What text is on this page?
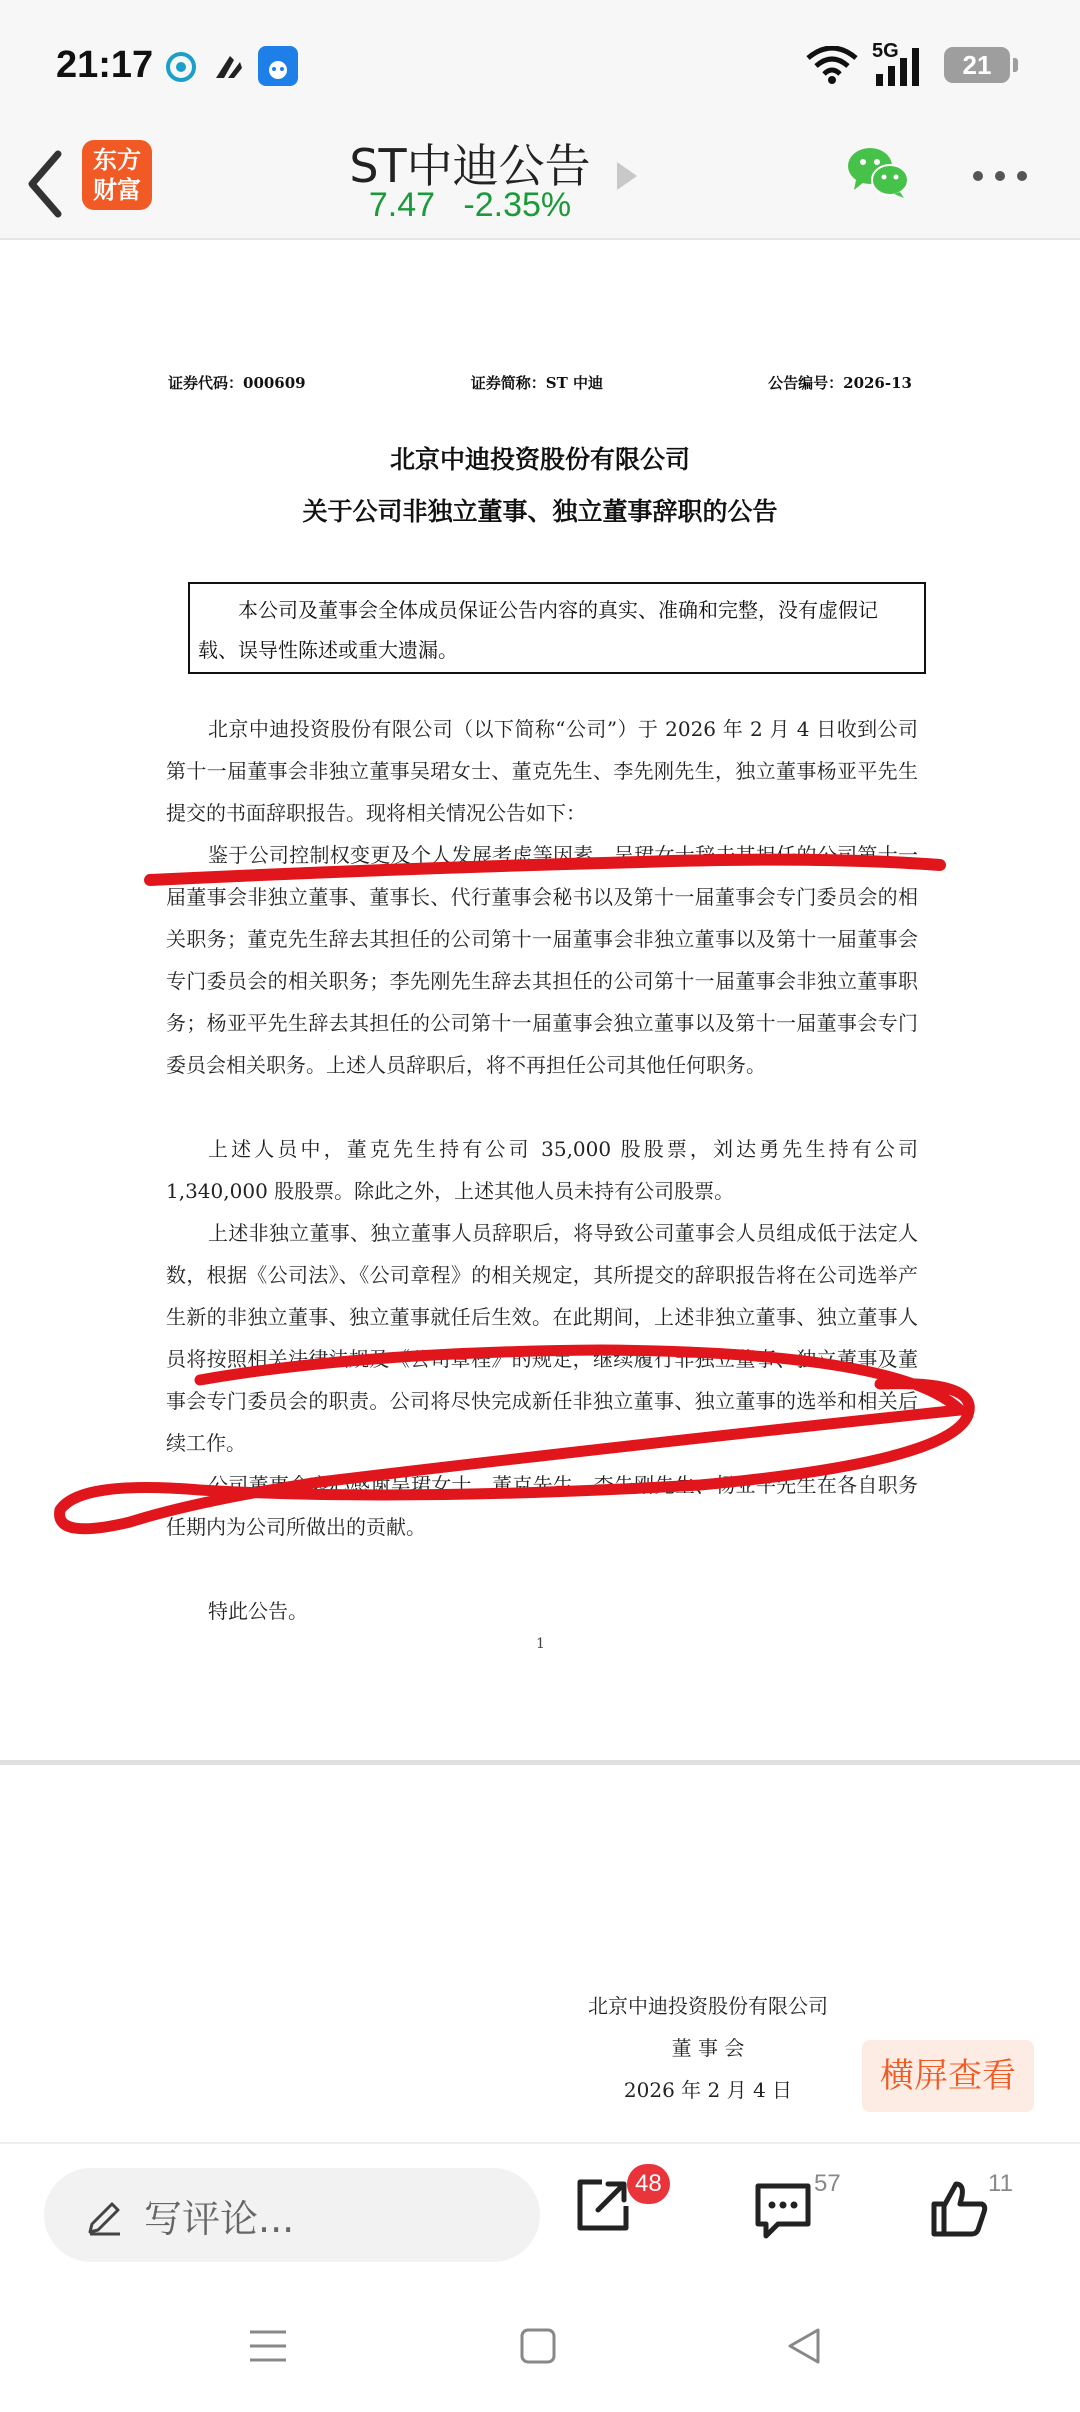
21:17	5G	21
东方
财富	ST中迪公告
7.47 -2.35%
证券代码：000609	证券简称：ST 中迪	公告编号：2026-13
北京中迪投资股份有限公司
关于公司非独立董事、独立董事辞职的公告
本公司及董事会全体成员保证公告内容的真实、准确和完整，没有虚假记载、误导性陈述或重大遗漏。
北京中迪投资股份有限公司（以下简称“公司”）于 2026 年 2 月 4 日收到公司第十一届董事会非独立董事吴珺女士、董克先生、李先刚先生，独立董事杨亚平先生提交的书面辞职报告。现将相关情况公告如下：
鉴于公司控制权变更及个人发展考虑等因素，吴珺女士辞去其担任的公司第十一届董事会非独立董事、董事长、代行董事会秘书以及第十一届董事会专门委员会的相关职务；董克先生辞去其担任的公司第十一届董事会非独立董事以及第十一届董事会专门委员会的相关职务；李先刚先生辞去其担任的公司第十一届董事会非独立董事职务；杨亚平先生辞去其担任的公司第十一届董事会独立董事以及第十一届董事会专门委员会相关职务。上述人员辞职后，将不再担任公司其他任何职务。
上述人员中，董克先生持有公司 35,000 股股票，刘达勇先生持有公司 1,340,000 股股票。除此之外，上述其他人员未持有公司股票。
上述非独立董事、独立董事人员辞职后，将导致公司董事会人员组成低于法定人数，根据《公司法》、《公司章程》的相关规定，其所提交的辞职报告将在公司选举产生新的非独立董事、独立董事就任后生效。在此期间，上述非独立董事、独立董事人员将按照相关法律法规及《公司章程》的规定，继续履行非独立董事、独立董事及董事会专门委员会的职责。公司将尽快完成新任非独立董事、独立董事的选举和相关后续工作。
公司董事会衷心感谢吴珺女士、董克先生、李先刚先生、杨亚平先生在各自职务任期内为公司所做出的贡献。
特此公告。
1
北京中迪投资股份有限公司
董 事 会
2026 年 2 月 4 日	横屏查看
写评论...
48	57	11
